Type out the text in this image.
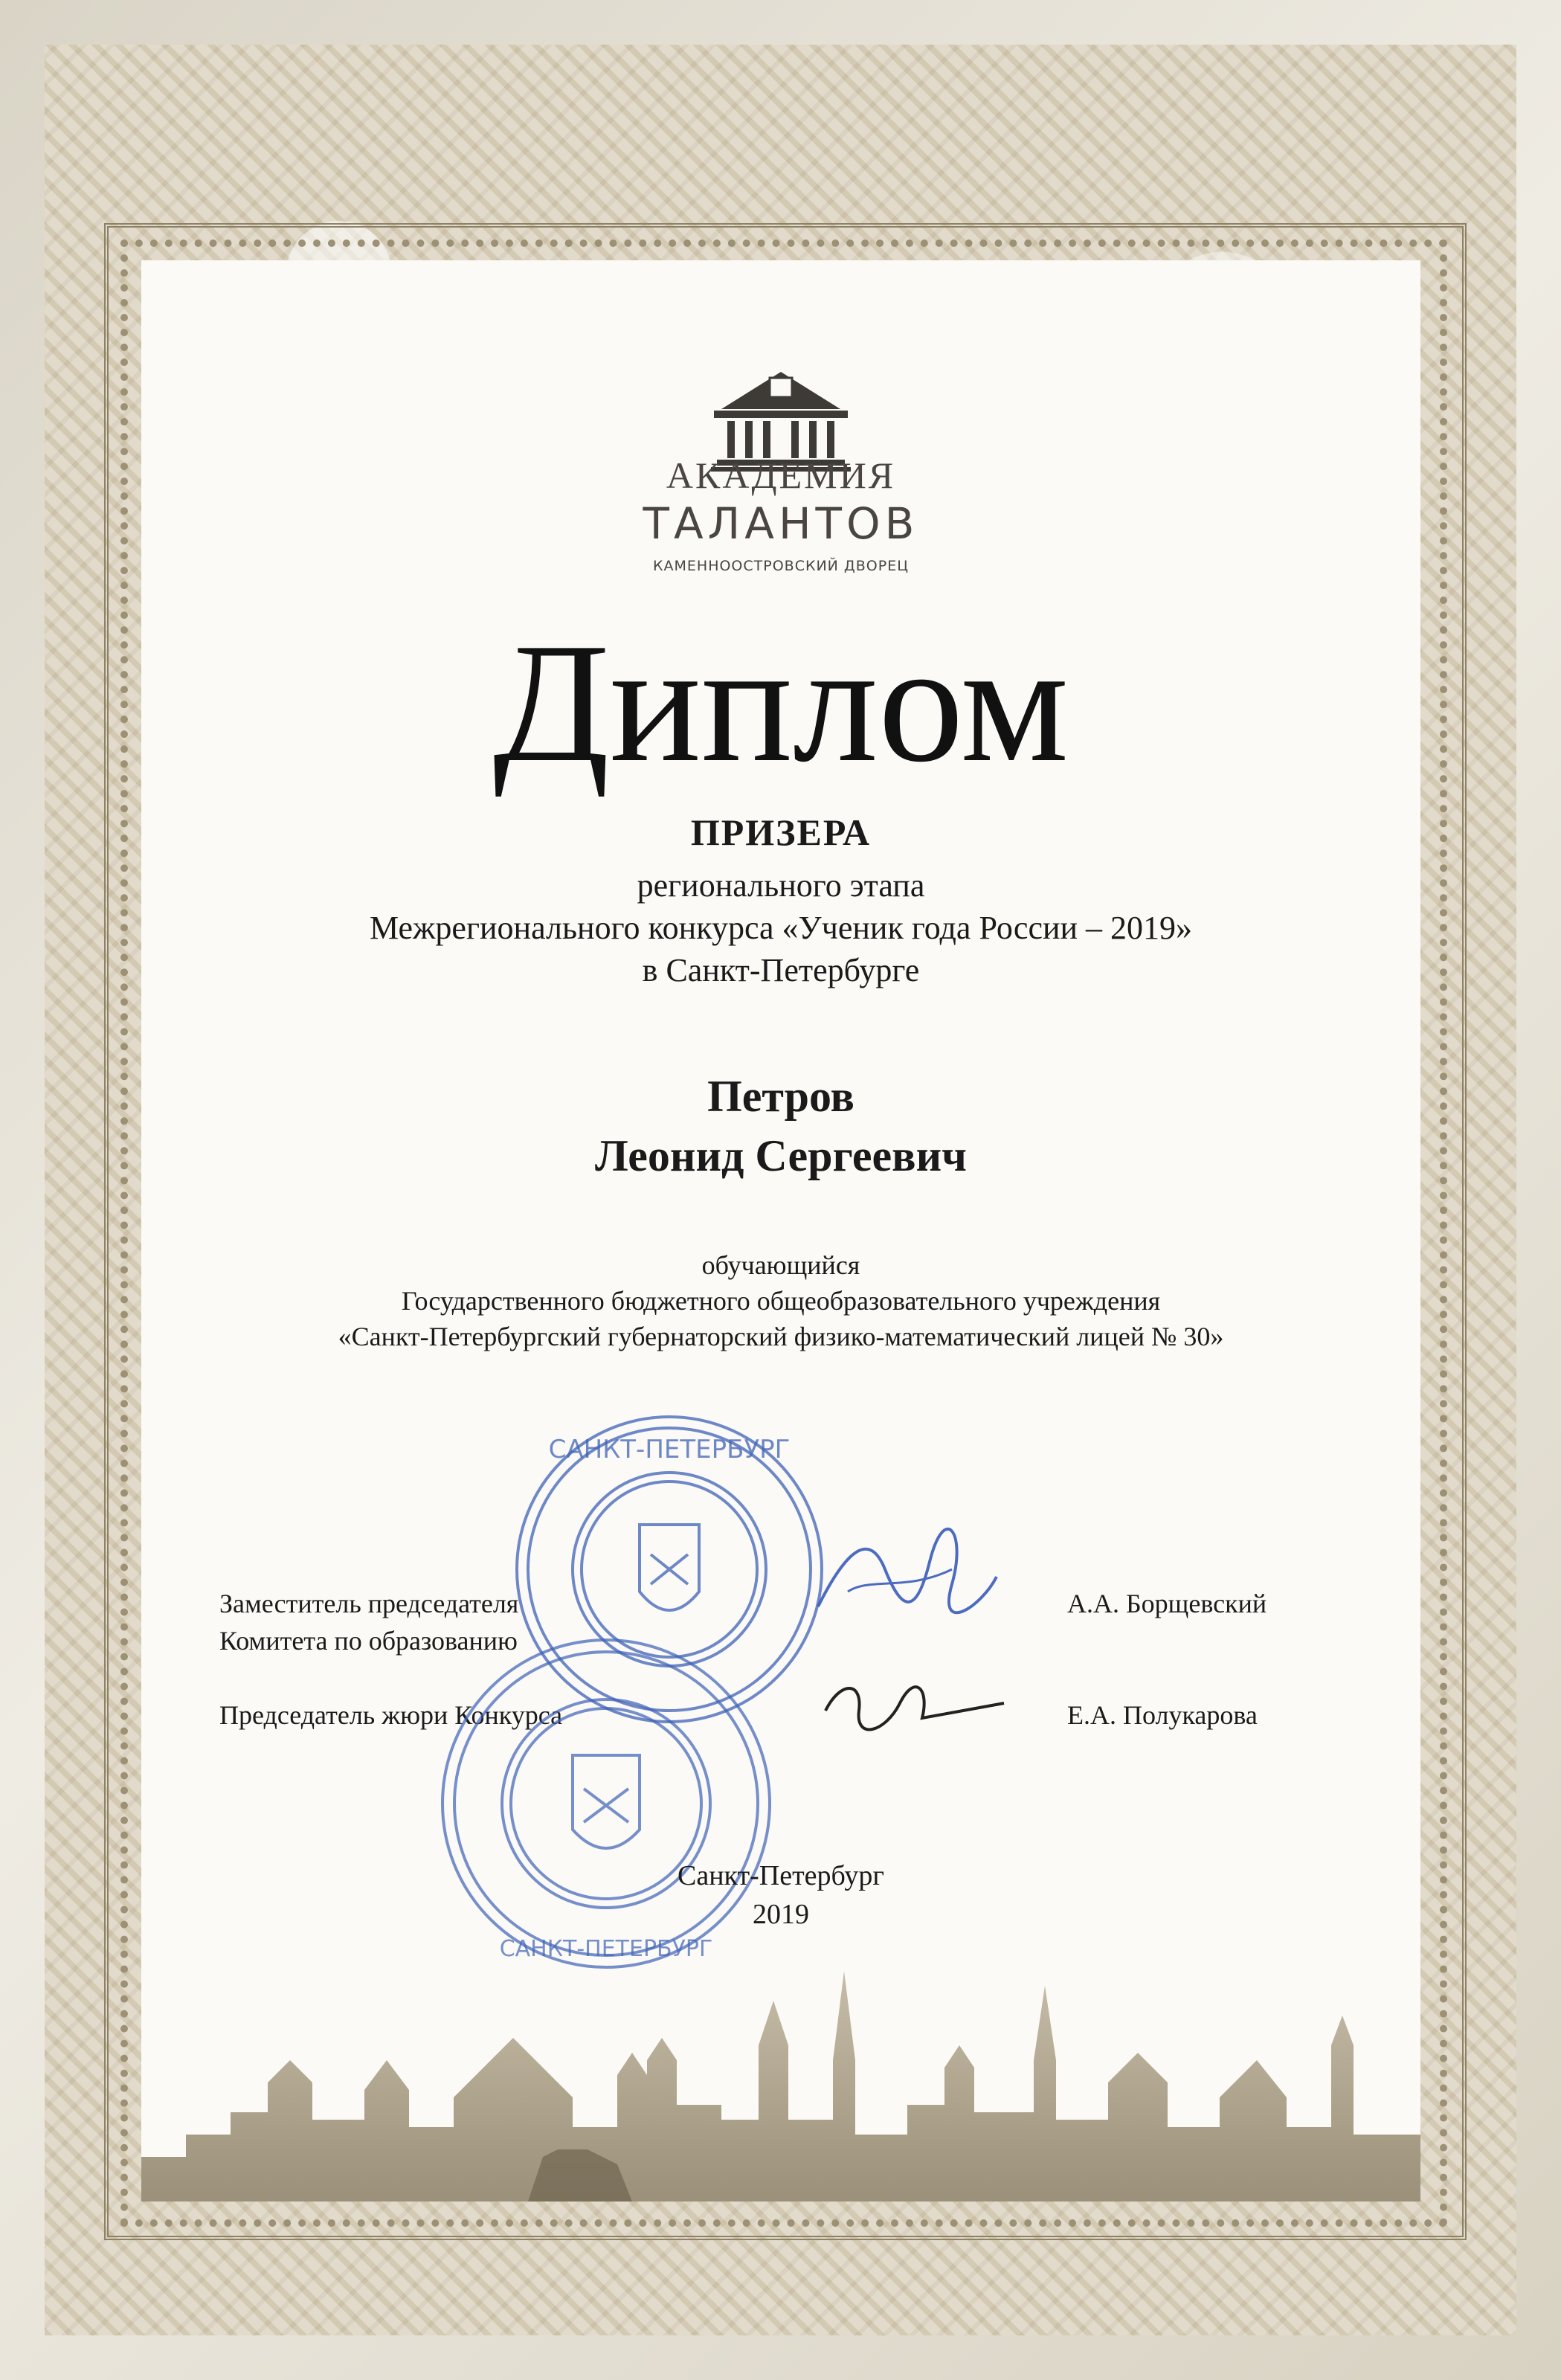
АКАДЕМИЯ
ТАЛАНТОВ
КАМЕННООСТРОВСКИЙ ДВОРЕЦ
Диплом
ПРИЗЕРА
регионального этапа
Межрегионального конкурса «Ученик года России – 2019»
в Санкт-Петербурге
Петров
Леонид Сергеевич
обучающийся
Государственного бюджетного общеобразовательного учреждения
«Санкт-Петербургский губернаторский физико-математический лицей № 30»
Заместитель председателя
Комитета по образованию
А.А. Борщевский
Председатель жюри Конкурса	Е.А. Полукарова
САНКТ-ПЕТЕРБУРГ
САНКТ-ПЕТЕРБУРГ
Санкт-Петербург
2019
